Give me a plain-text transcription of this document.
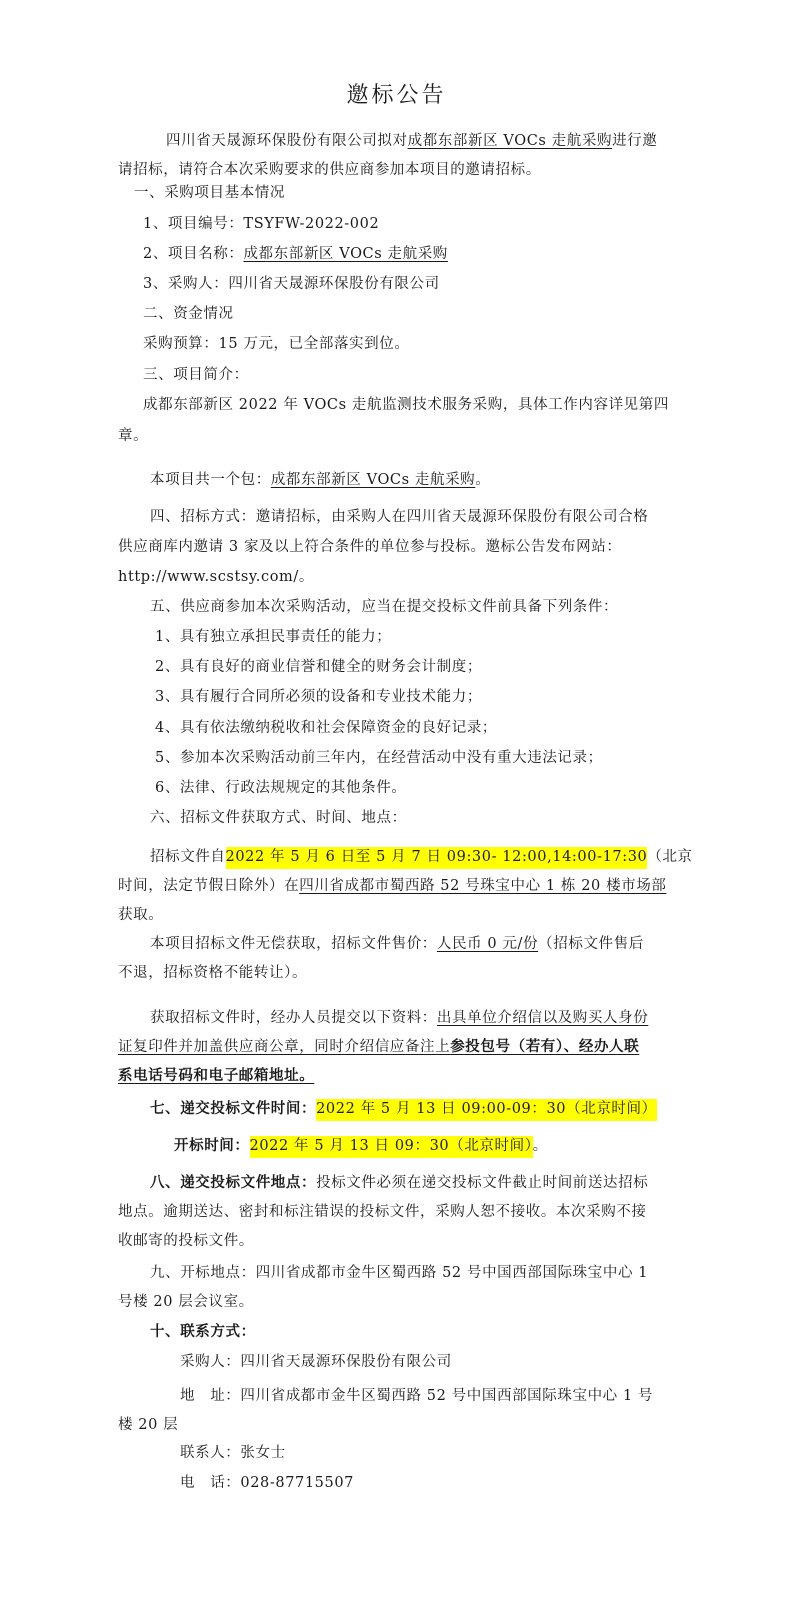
邀标公告
四川省天晟源环保股份有限公司拟对成都东部新区 VOCs 走航采购进行邀
请招标，请符合本次采购要求的供应商参加本项目的邀请招标。
一、采购项目基本情况
1、项目编号：TSYFW-2022-002
2、项目名称：成都东部新区 VOCs 走航采购
3、采购人：四川省天晟源环保股份有限公司
二、资金情况
采购预算：15 万元，已全部落实到位。
三、项目简介：
成都东部新区 2022 年 VOCs 走航监测技术服务采购，具体工作内容详见第四
章。
本项目共一个包：成都东部新区 VOCs 走航采购。
四、招标方式：邀请招标，由采购人在四川省天晟源环保股份有限公司合格
供应商库内邀请 3 家及以上符合条件的单位参与投标。邀标公告发布网站：
http://www.scstsy.com/。
五、供应商参加本次采购活动，应当在提交投标文件前具备下列条件：
1、具有独立承担民事责任的能力；
2、具有良好的商业信誉和健全的财务会计制度；
3、具有履行合同所必须的设备和专业技术能力；
4、具有依法缴纳税收和社会保障资金的良好记录；
5、参加本次采购活动前三年内，在经营活动中没有重大违法记录；
6、法律、行政法规规定的其他条件。
六、招标文件获取方式、时间、地点：
招标文件自2022 年 5 月 6 日至 5 月 7 日 09:30- 12:00,14:00-17:30（北京
时间，法定节假日除外）在四川省成都市蜀西路 52 号珠宝中心 1 栋 20 楼市场部
获取。
本项目招标文件无偿获取，招标文件售价：人民币 0 元/份（招标文件售后
不退，招标资格不能转让）。
获取招标文件时，经办人员提交以下资料：出具单位介绍信以及购买人身份
证复印件并加盖供应商公章，同时介绍信应备注上参投包号（若有）、经办人联
系电话号码和电子邮箱地址。
七、递交投标文件时间：2022 年 5 月 13 日 09:00-09：30（北京时间）
开标时间：2022 年 5 月 13 日 09：30（北京时间）。
八、递交投标文件地点：投标文件必须在递交投标文件截止时间前送达招标
地点。逾期送达、密封和标注错误的投标文件，采购人恕不接收。本次采购不接
收邮寄的投标文件。
九、开标地点：四川省成都市金牛区蜀西路 52 号中国西部国际珠宝中心 1
号楼 20 层会议室。
十、联系方式：
采购人：四川省天晟源环保股份有限公司
地　址：四川省成都市金牛区蜀西路 52 号中国西部国际珠宝中心 1 号
楼 20 层
联系人：张女士
电　话：028-87715507
